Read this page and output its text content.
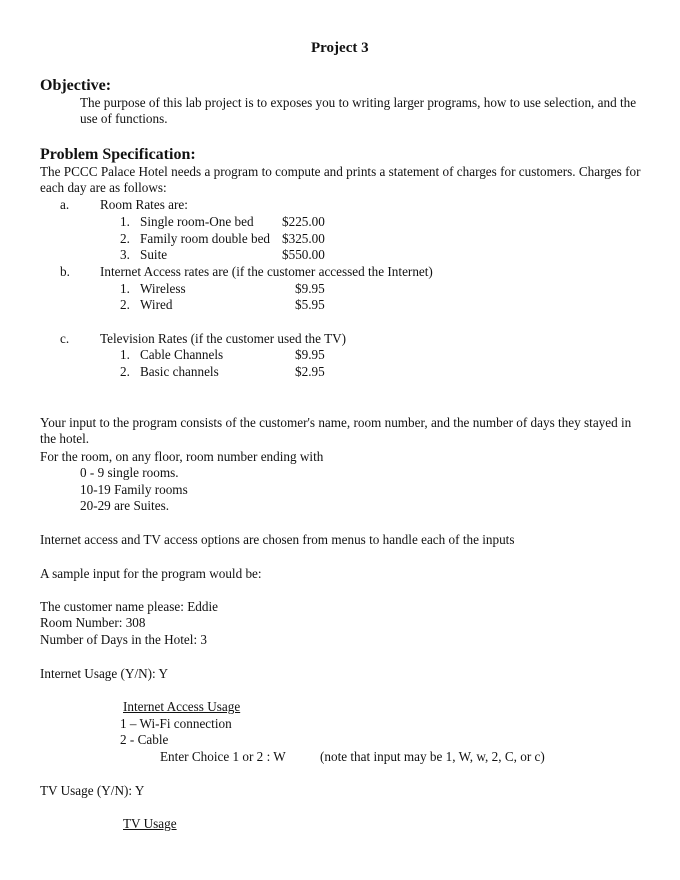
Project 3
Objective:
The purpose of this lab project is to exposes you to writing larger programs, how to use selection, and the use of functions.
Problem Specification:
The PCCC Palace Hotel needs a program to compute and prints a statement of charges for customers. Charges for each day are as follows:
a. Room Rates are:
1. Single room-One bed $225.00
2. Family room double bed $325.00
3. Suite	$550.00
b. Internet Access rates are (if the customer accessed the Internet)
1. Wireless	$9.95
2. Wired	$5.95
c. Television Rates (if the customer used the TV)
1. Cable Channels	$9.95
2. Basic channels	$2.95
Your input to the program consists of the customer's name, room number, and the number of days they stayed in the hotel.
For the room, on any floor, room number ending with
0 - 9 single rooms.
10-19 Family rooms
20-29 are Suites.
Internet access and TV access options are chosen from menus to handle each of the inputs
A sample input for the program would be:
The customer name please: Eddie
Room Number: 308
Number of Days in the Hotel: 3
Internet Usage (Y/N): Y
Internet Access Usage
1 – Wi-Fi connection
2 - Cable
Enter Choice 1 or 2 : W	(note that input may be 1, W, w, 2, C, or c)
TV Usage (Y/N): Y
TV Usage
